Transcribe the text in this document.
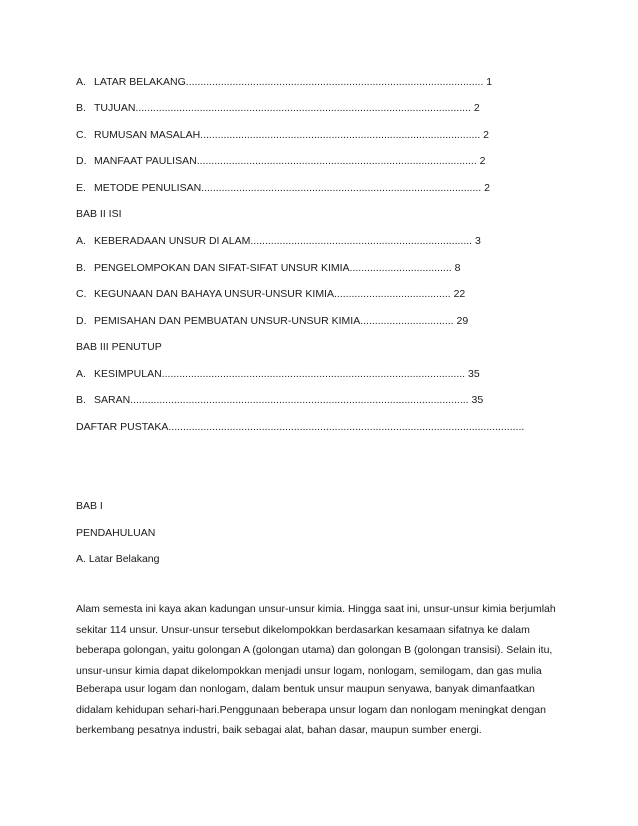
A. LATAR BELAKANG...................................................................................................... 1
B. TUJUAN................................................................................................................... 2
C. RUMUSAN MASALAH................................................................................................ 2
D. MANFAAT PAULISAN................................................................................................ 2
E. METODE PENULISAN................................................................................................ 2
BAB II ISI
A. KEBERADAAN UNSUR DI ALAM............................................................................ 3
B. PENGELOMPOKAN DAN SIFAT-SIFAT UNSUR KIMIA................................... 8
C. KEGUNAAN DAN BAHAYA UNSUR-UNSUR KIMIA........................................ 22
D. PEMISAHAN DAN PEMBUATAN UNSUR-UNSUR KIMIA................................ 29
BAB III PENUTUP
A. KESIMPULAN........................................................................................................ 35
B. SARAN.................................................................................................................... 35
DAFTAR PUSTAKA..........................................................................................................................
BAB I
PENDAHULUAN
A. Latar Belakang
Alam semesta ini kaya akan kadungan unsur-unsur kimia. Hingga saat ini, unsur-unsur kimia berjumlah sekitar 114 unsur. Unsur-unsur tersebut dikelompokkan berdasarkan kesamaan sifatnya ke dalam beberapa golongan, yaitu golongan A (golongan utama) dan golongan B (golongan transisi). Selain itu, unsur-unsur kimia dapat dikelompokkan menjadi unsur logam, nonlogam, semilogam, dan gas mulia
Beberapa usur logam dan nonlogam, dalam bentuk unsur maupun senyawa, banyak dimanfaatkan didalam kehidupan sehari-hari.Penggunaan beberapa unsur logam dan nonlogam meningkat dengan berkembang pesatnya industri, baik sebagai alat, bahan dasar, maupun sumber energi.
